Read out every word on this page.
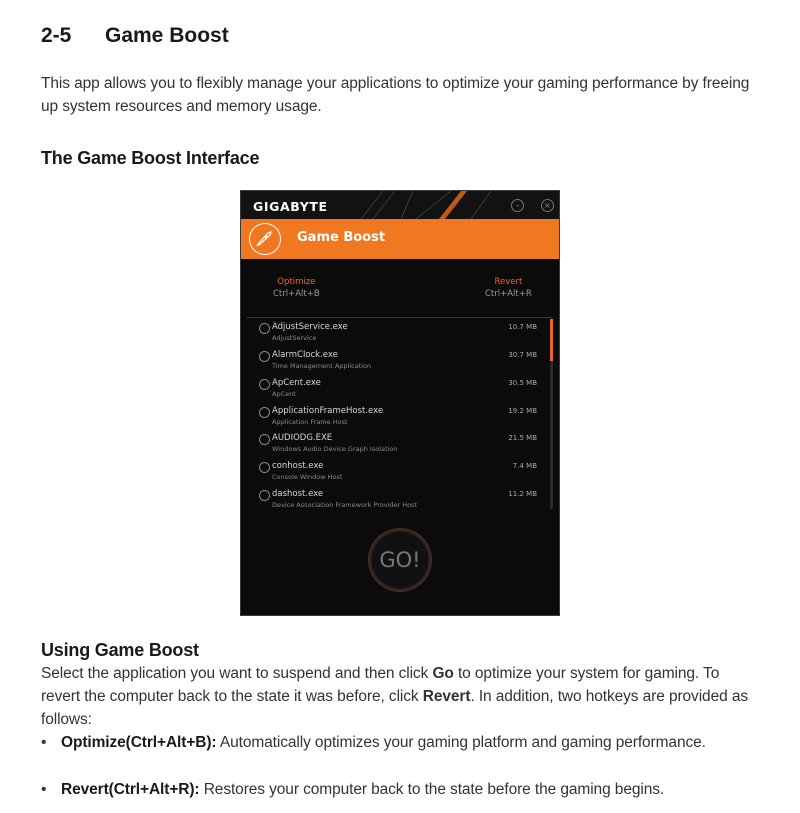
2-5 Game Boost
This app allows you to flexibly manage your applications to optimize your gaming performance by freeing up system resources and memory usage.
The Game Boost Interface
GIGABYTE	–	×
Game Boost
Optimize
Ctrl+Alt+B
Revert
Ctrl+Alt+R
AdjustService.exe
AdjustService
10.7 MB
AlarmClock.exe
Time Management Application
30.7 MB
ApCent.exe
ApCent
30.5 MB
ApplicationFrameHost.exe
Application Frame Host
19.2 MB
AUDIODG.EXE
Windows Audio Device Graph Isolation
21.5 MB
conhost.exe
Console Window Host
7.4 MB
dashost.exe
Device Association Framework Provider Host
11.2 MB
GO!
Using Game Boost
Select the application you want to suspend and then click Go to optimize your system for gaming. To revert the computer back to the state it was before, click Revert. In addition, two hotkeys are provided as follows:
• Optimize(Ctrl+Alt+B): Automatically optimizes your gaming platform and gaming performance.
• Revert(Ctrl+Alt+R): Restores your computer back to the state before the gaming begins.
